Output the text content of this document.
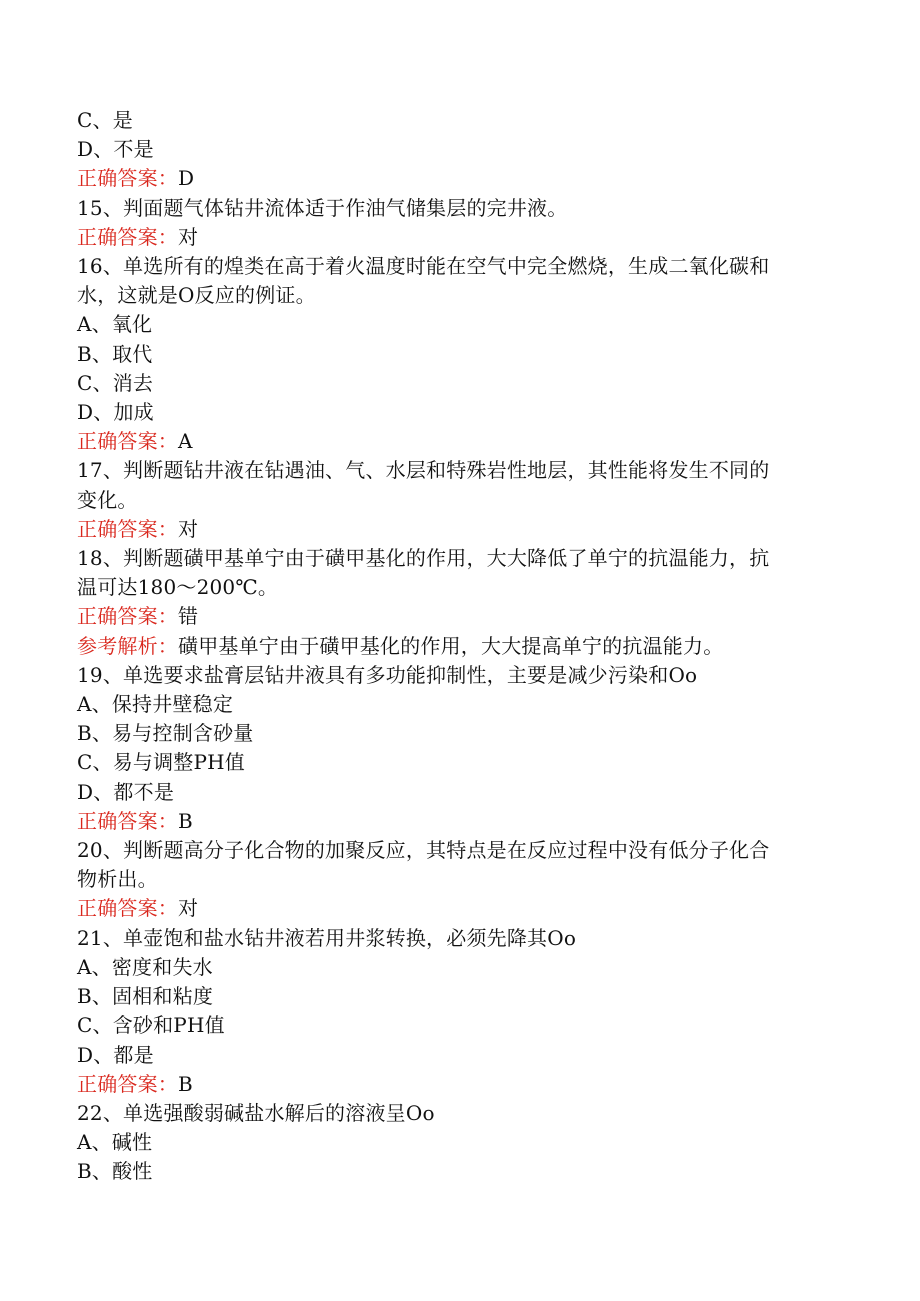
C、是
D、不是
正确答案：D
15、判面题气体钻井流体适于作油气储集层的完井液。
正确答案：对
16、单选所有的煌类在高于着火温度时能在空气中完全燃烧，生成二氧化碳和
水，这就是O反应的例证。
A、氧化
B、取代
C、消去
D、加成
正确答案：A
17、判断题钻井液在钻遇油、气、水层和特殊岩性地层，其性能将发生不同的
变化。
正确答案：对
18、判断题磺甲基单宁由于磺甲基化的作用，大大降低了单宁的抗温能力，抗
温可达180～200℃。
正确答案：错
参考解析：磺甲基单宁由于磺甲基化的作用，大大提高单宁的抗温能力。
19、单选要求盐膏层钻井液具有多功能抑制性，主要是减少污染和Oo
A、保持井壁稳定
B、易与控制含砂量
C、易与调整PH值
D、都不是
正确答案：B
20、判断题高分子化合物的加聚反应，其特点是在反应过程中没有低分子化合
物析出。
正确答案：对
21、单壶饱和盐水钻井液若用井浆转换，必须先降其Oo
A、密度和失水
B、固相和粘度
C、含砂和PH值
D、都是
正确答案：B
22、单选强酸弱碱盐水解后的溶液呈Oo
A、碱性
B、酸性
